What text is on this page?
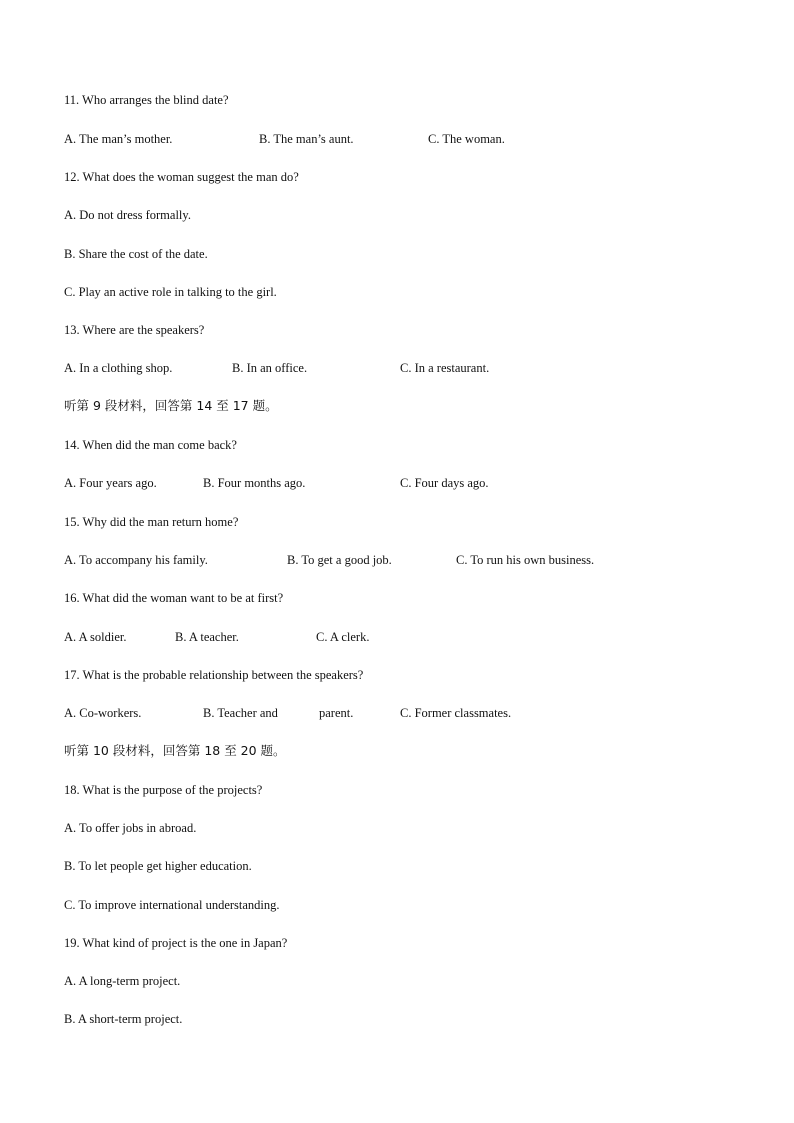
11. Who arranges the blind date?
A. The man’s mother.	B. The man’s aunt.	C. The woman.
12. What does the woman suggest the man do?
A. Do not dress formally.
B. Share the cost of the date.
C. Play an active role in talking to the girl.
13. Where are the speakers?
A. In a clothing shop.	B. In an office.	C. In a restaurant.
听第 9 段材料，回答第 14 至 17 题。
14. When did the man come back?
A. Four years ago.	B. Four months ago.	C. Four days ago.
15. Why did the man return home?
A. To accompany his family.	B. To get a good job.	C. To run his own business.
16. What did the woman want to be at first?
A. A soldier.	B. A teacher.	C. A clerk.
17. What is the probable relationship between the speakers?
A. Co-workers.	B. Teacher and	parent.	C. Former classmates.
听第 10 段材料，回答第 18 至 20 题。
18. What is the purpose of the projects?
A. To offer jobs in abroad.
B. To let people get higher education.
C. To improve international understanding.
19. What kind of project is the one in Japan?
A. A long-term project.
B. A short-term project.
